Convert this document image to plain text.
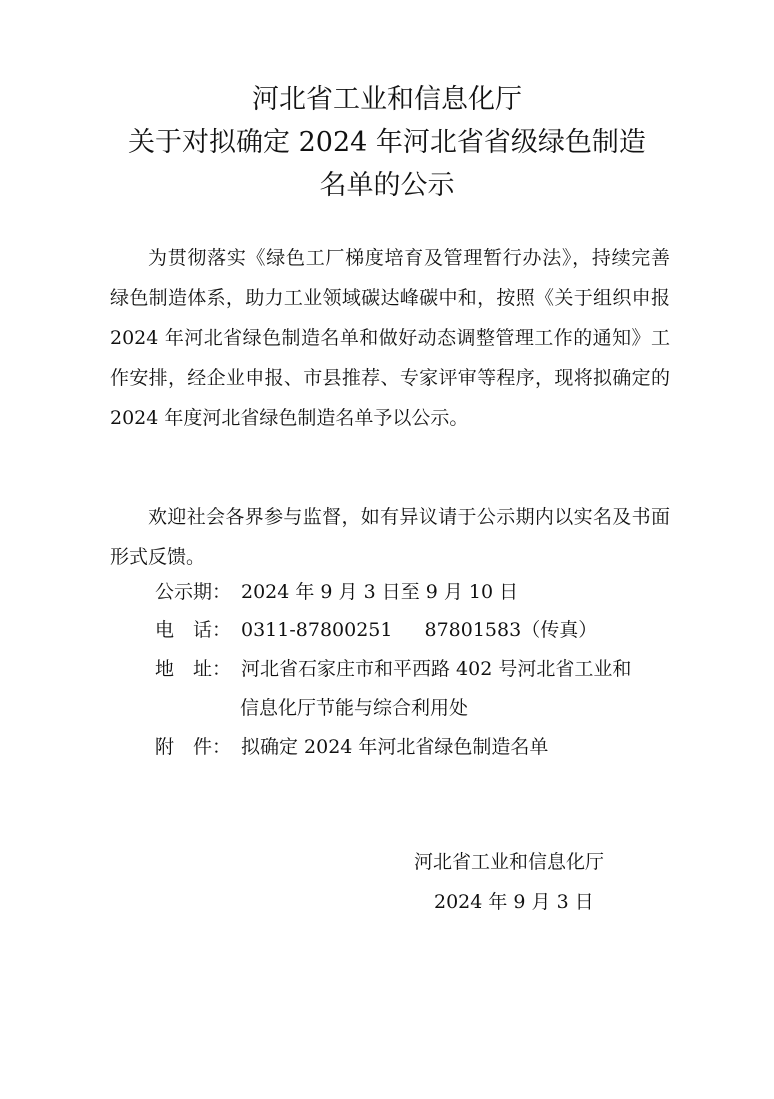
河北省工业和信息化厅
关于对拟确定 2024 年河北省省级绿色制造
名单的公示
为贯彻落实《绿色工厂梯度培育及管理暂行办法》，持续完善绿色制造体系，助力工业领域碳达峰碳中和，按照《关于组织申报 2024 年河北省绿色制造名单和做好动态调整管理工作的通知》工作安排，经企业申报、市县推荐、专家评审等程序，现将拟确定的 2024 年度河北省绿色制造名单予以公示。
欢迎社会各界参与监督，如有异议请于公示期内以实名及书面形式反馈。
公示期： 2024 年 9 月 3 日至 9 月 10 日
电　话： 0311-87800251 87801583（传真）
地　址： 河北省石家庄市和平西路 402 号河北省工业和
信息化厅节能与综合利用处
附　件： 拟确定 2024 年河北省绿色制造名单
河北省工业和信息化厅
2024 年 9 月 3 日
